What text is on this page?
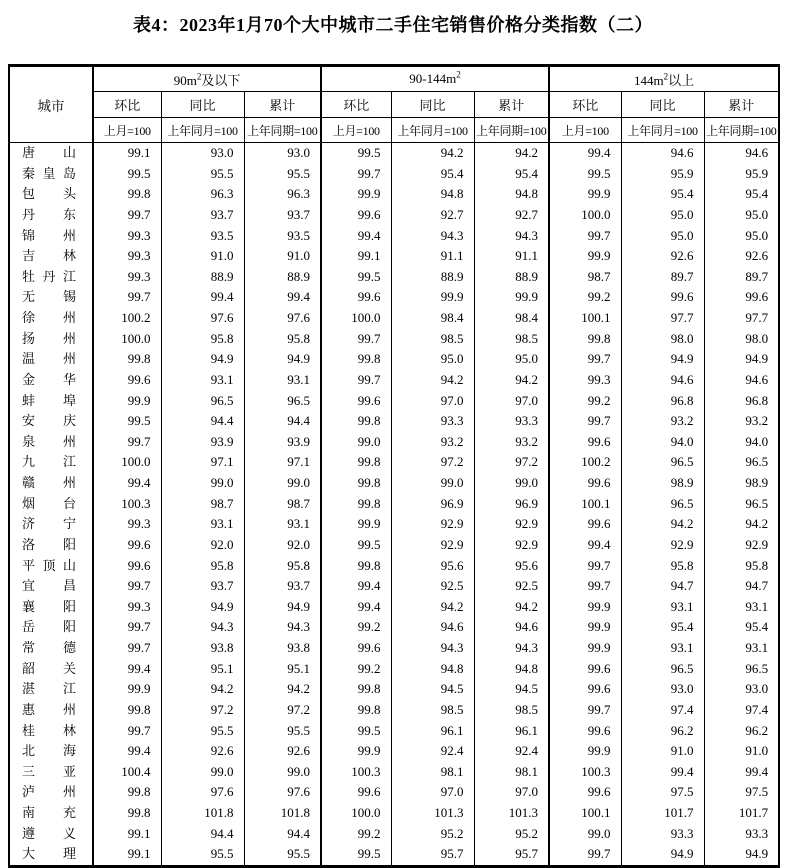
表4：2023年1月70个大中城市二手住宅销售价格分类指数（二）
城市	$90m^2$及以下			$90-144m^2$			$144m^2$以上		
	环比	同比	累计	环比	同比	累计	环比	同比	累计
	上月=100	上年同月=100	上年同期=100	上月=100	上年同月=100	上年同期=100	上月=100	上年同月=100	上年同期=100
唐山	99.1	93.0	93.0	99.5	94.2	94.2	99.4	94.6	94.6
秦皇岛	99.5	95.5	95.5	99.7	95.4	95.4	99.5	95.9	95.9
包头	99.8	96.3	96.3	99.9	94.8	94.8	99.9	95.4	95.4
丹东	99.7	93.7	93.7	99.6	92.7	92.7	100.0	95.0	95.0
锦州	99.3	93.5	93.5	99.4	94.3	94.3	99.7	95.0	95.0
吉林	99.3	91.0	91.0	99.1	91.1	91.1	99.9	92.6	92.6
牡丹江	99.3	88.9	88.9	99.5	88.9	88.9	98.7	89.7	89.7
无锡	99.7	99.4	99.4	99.6	99.9	99.9	99.2	99.6	99.6
徐州	100.2	97.6	97.6	100.0	98.4	98.4	100.1	97.7	97.7
扬州	100.0	95.8	95.8	99.7	98.5	98.5	99.8	98.0	98.0
温州	99.8	94.9	94.9	99.8	95.0	95.0	99.7	94.9	94.9
金华	99.6	93.1	93.1	99.7	94.2	94.2	99.3	94.6	94.6
蚌埠	99.9	96.5	96.5	99.6	97.0	97.0	99.2	96.8	96.8
安庆	99.5	94.4	94.4	99.8	93.3	93.3	99.7	93.2	93.2
泉州	99.7	93.9	93.9	99.0	93.2	93.2	99.6	94.0	94.0
九江	100.0	97.1	97.1	99.8	97.2	97.2	100.2	96.5	96.5
赣州	99.4	99.0	99.0	99.8	99.0	99.0	99.6	98.9	98.9
烟台	100.3	98.7	98.7	99.8	96.9	96.9	100.1	96.5	96.5
济宁	99.3	93.1	93.1	99.9	92.9	92.9	99.6	94.2	94.2
洛阳	99.6	92.0	92.0	99.5	92.9	92.9	99.4	92.9	92.9
平顶山	99.6	95.8	95.8	99.8	95.6	95.6	99.7	95.8	95.8
宜昌	99.7	93.7	93.7	99.4	92.5	92.5	99.7	94.7	94.7
襄阳	99.3	94.9	94.9	99.4	94.2	94.2	99.9	93.1	93.1
岳阳	99.7	94.3	94.3	99.2	94.6	94.6	99.9	95.4	95.4
常德	99.7	93.8	93.8	99.6	94.3	94.3	99.9	93.1	93.1
韶关	99.4	95.1	95.1	99.2	94.8	94.8	99.6	96.5	96.5
湛江	99.9	94.2	94.2	99.8	94.5	94.5	99.6	93.0	93.0
惠州	99.8	97.2	97.2	99.8	98.5	98.5	99.7	97.4	97.4
桂林	99.7	95.5	95.5	99.5	96.1	96.1	99.6	96.2	96.2
北海	99.4	92.6	92.6	99.9	92.4	92.4	99.9	91.0	91.0
三亚	100.4	99.0	99.0	100.3	98.1	98.1	100.3	99.4	99.4
泸州	99.8	97.6	97.6	99.6	97.0	97.0	99.6	97.5	97.5
南充	99.8	101.8	101.8	100.0	101.3	101.3	100.1	101.7	101.7
遵义	99.1	94.4	94.4	99.2	95.2	95.2	99.0	93.3	93.3
大理	99.1	95.5	95.5	99.5	95.7	95.7	99.7	94.9	94.9
